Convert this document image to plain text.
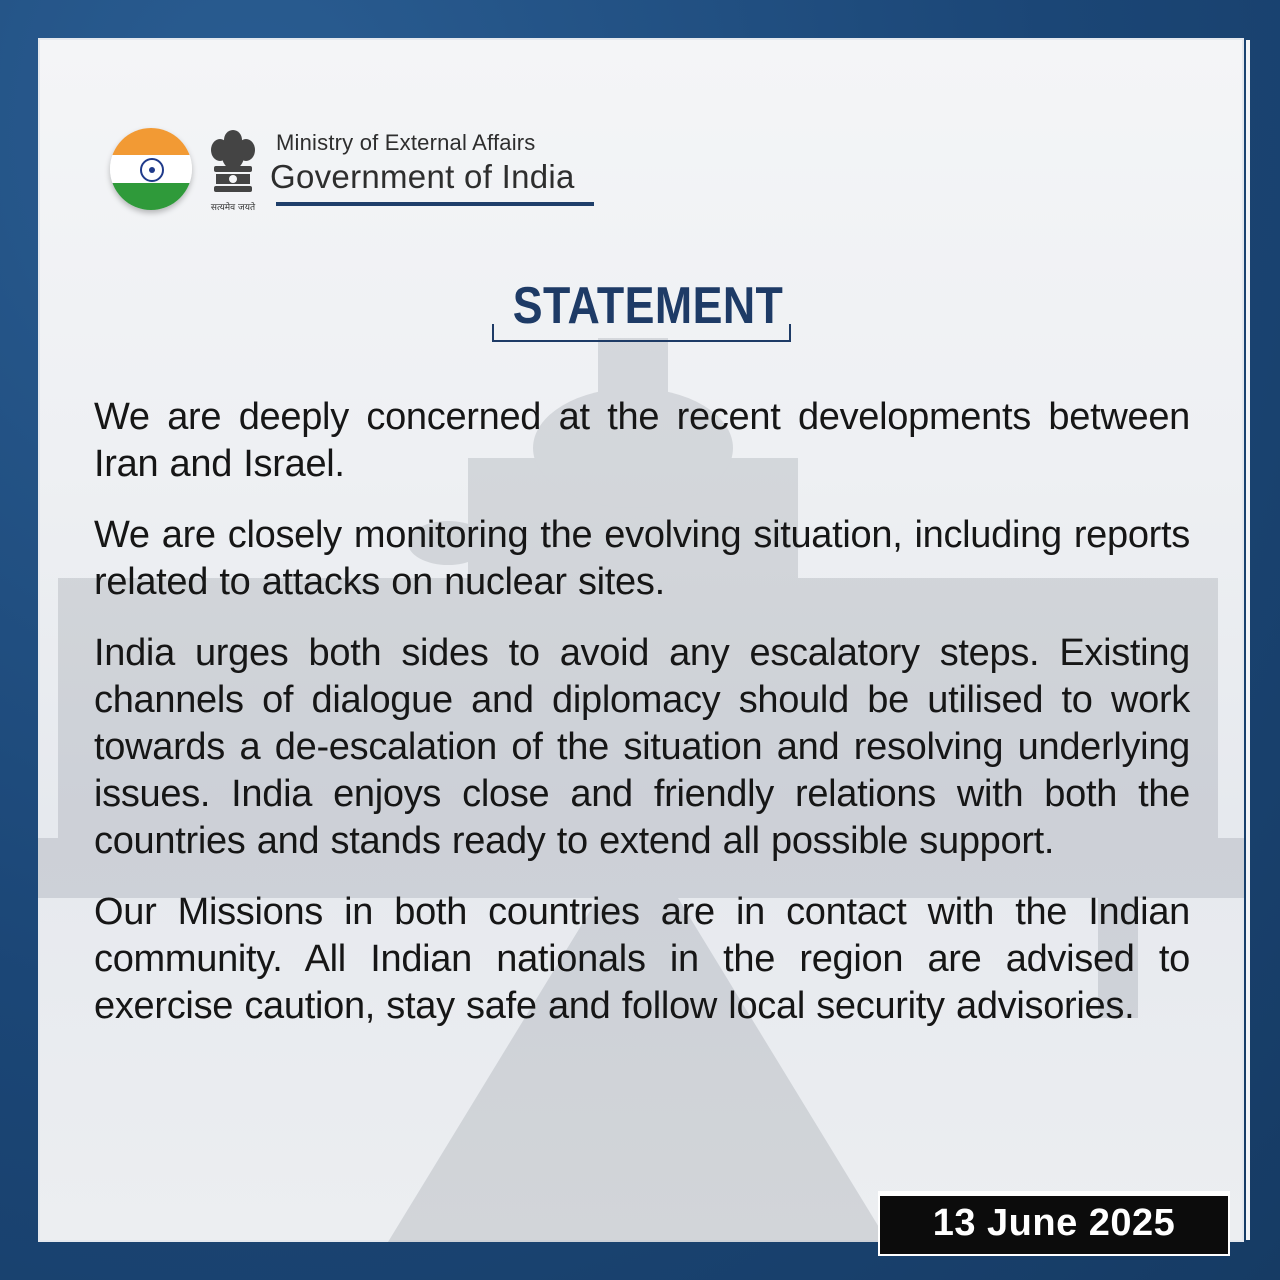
सत्यमेव जयते
Ministry of External Affairs
Government of India
STATEMENT

We are deeply concerned at the recent developments between Iran and Israel.

We are closely monitoring the evolving situation, including reports related to attacks on nuclear sites.

India urges both sides to avoid any escalatory steps. Existing channels of dialogue and diplomacy should be utilised to work towards a de-escalation of the situation and resolving underlying issues. India enjoys close and friendly relations with both the countries and stands ready to extend all possible support.

Our Missions in both countries are in contact with the Indian community. All Indian nationals in the region are advised to exercise caution, stay safe and follow local security advisories.

13 June 2025
